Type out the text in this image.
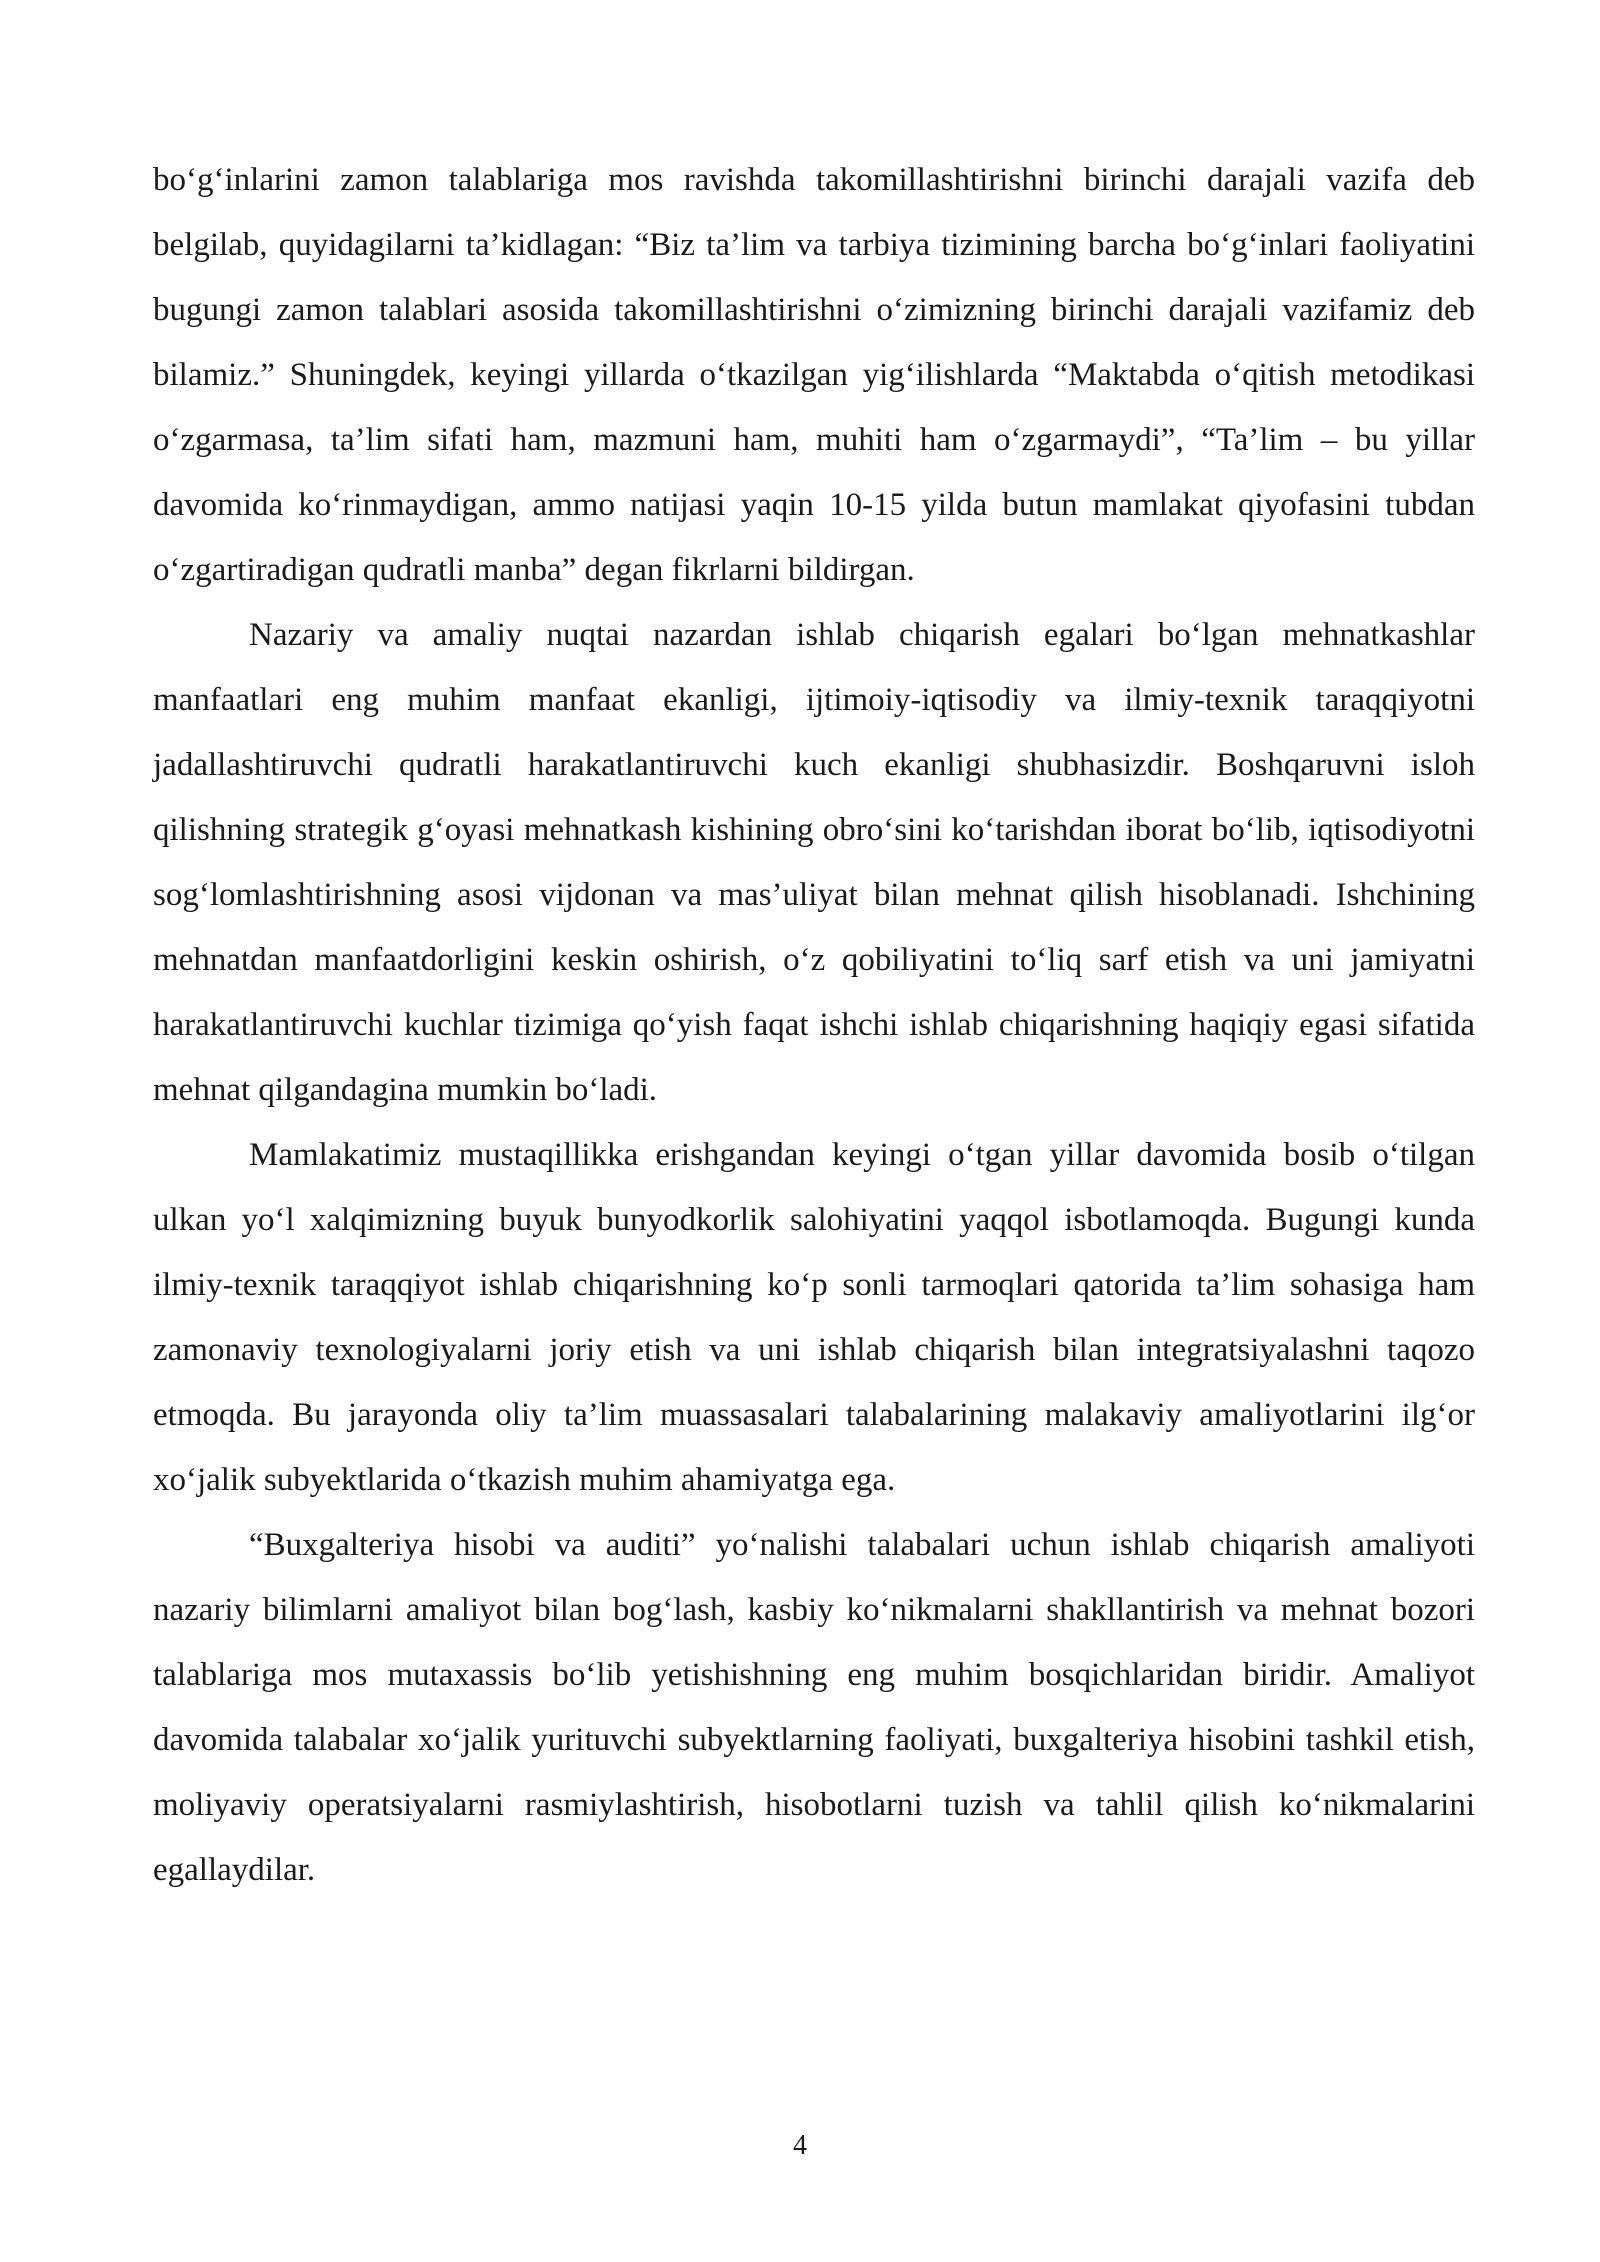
bo‘g‘inlarini zamon talablariga mos ravishda takomillashtirishni birinchi darajali vazifa deb belgilab, quyidagilarni ta’kidlagan: “Biz ta’lim va tarbiya tizimining barcha bo‘g‘inlari faoliyatini bugungi zamon talablari asosida takomillashtirishni o‘zimizning birinchi darajali vazifamiz deb bilamiz.” Shuningdek, keyingi yillarda o‘tkazilgan yig‘ilishlarda “Maktabda o‘qitish metodikasi o‘zgarmasa, ta’lim sifati ham, mazmuni ham, muhiti ham o‘zgarmaydi”, “Ta’lim – bu yillar davomida ko‘rinmaydigan, ammo natijasi yaqin 10-15 yilda butun mamlakat qiyofasini tubdan o‘zgartiradigan qudratli manba” degan fikrlarni bildirgan.

Nazariy va amaliy nuqtai nazardan ishlab chiqarish egalari bo‘lgan mehnatkashlar manfaatlari eng muhim manfaat ekanligi, ijtimoiy-iqtisodiy va ilmiy-texnik taraqqiyotni jadallashtiruvchi qudratli harakatlantiruvchi kuch ekanligi shubhasizdir. Boshqaruvni isloh qilishning strategik g‘oyasi mehnatkash kishining obro‘sini ko‘tarishdan iborat bo‘lib, iqtisodiyotni sog‘lomlashtirishning asosi vijdonan va mas’uliyat bilan mehnat qilish hisoblanadi. Ishchining mehnatdan manfaatdorligini keskin oshirish, o‘z qobiliyatini to‘liq sarf etish va uni jamiyatni harakatlantiruvchi kuchlar tizimiga qo‘yish faqat ishchi ishlab chiqarishning haqiqiy egasi sifatida mehnat qilgandagina mumkin bo‘ladi.

Mamlakatimiz mustaqillikka erishgandan keyingi o‘tgan yillar davomida bosib o‘tilgan ulkan yo‘l xalqimizning buyuk bunyodkorlik salohiyatini yaqqol isbotlamoqda. Bugungi kunda ilmiy-texnik taraqqiyot ishlab chiqarishning ko‘p sonli tarmoqlari qatorida ta’lim sohasiga ham zamonaviy texnologiyalarni joriy etish va uni ishlab chiqarish bilan integratsiyalashni taqozo etmoqda. Bu jarayonda oliy ta’lim muassasalari talabalarining malakaviy amaliyotlarini ilg‘or xo‘jalik subyektlarida o‘tkazish muhim ahamiyatga ega.

“Buxgalteriya hisobi va auditi” yo‘nalishi talabalari uchun ishlab chiqarish amaliyoti nazariy bilimlarni amaliyot bilan bog‘lash, kasbiy ko‘nikmalarni shakllantirish va mehnat bozori talablariga mos mutaxassis bo‘lib yetishishning eng muhim bosqichlaridan biridir. Amaliyot davomida talabalar xo‘jalik yurituvchi subyektlarning faoliyati, buxgalteriya hisobini tashkil etish, moliyaviy operatsiyalarni rasmiylashtirish, hisobotlarni tuzish va tahlil qilish ko‘nikmalarini egallaydilar.

4
